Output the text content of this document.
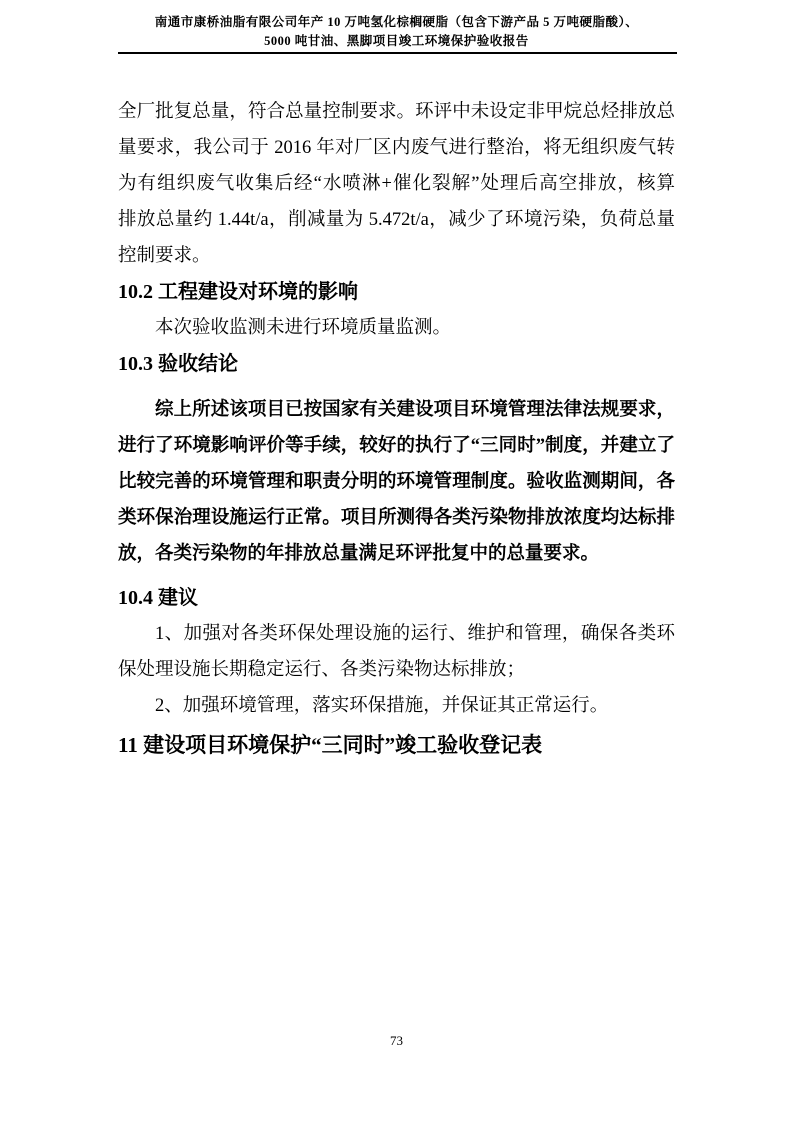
南通市康桥油脂有限公司年产 10 万吨氢化棕榈硬脂（包含下游产品 5 万吨硬脂酸）、
5000 吨甘油、黑脚项目竣工环境保护验收报告
全厂批复总量，符合总量控制要求。环评中未设定非甲烷总烃排放总
量要求，我公司于 2016 年对厂区内废气进行整治，将无组织废气转
为有组织废气收集后经“水喷淋+催化裂解”处理后高空排放，核算
排放总量约 1.44t/a，削减量为 5.472t/a，减少了环境污染，负荷总量
控制要求。
10.2 工程建设对环境的影响
本次验收监测未进行环境质量监测。
10.3 验收结论
综上所述该项目已按国家有关建设项目环境管理法律法规要求，
进行了环境影响评价等手续，较好的执行了“三同时”制度，并建立了
比较完善的环境管理和职责分明的环境管理制度。验收监测期间，各
类环保治理设施运行正常。项目所测得各类污染物排放浓度均达标排
放，各类污染物的年排放总量满足环评批复中的总量要求。
10.4 建议
1、加强对各类环保处理设施的运行、维护和管理，确保各类环
保处理设施长期稳定运行、各类污染物达标排放；
2、加强环境管理，落实环保措施，并保证其正常运行。
11 建设项目环境保护“三同时”竣工验收登记表
73
